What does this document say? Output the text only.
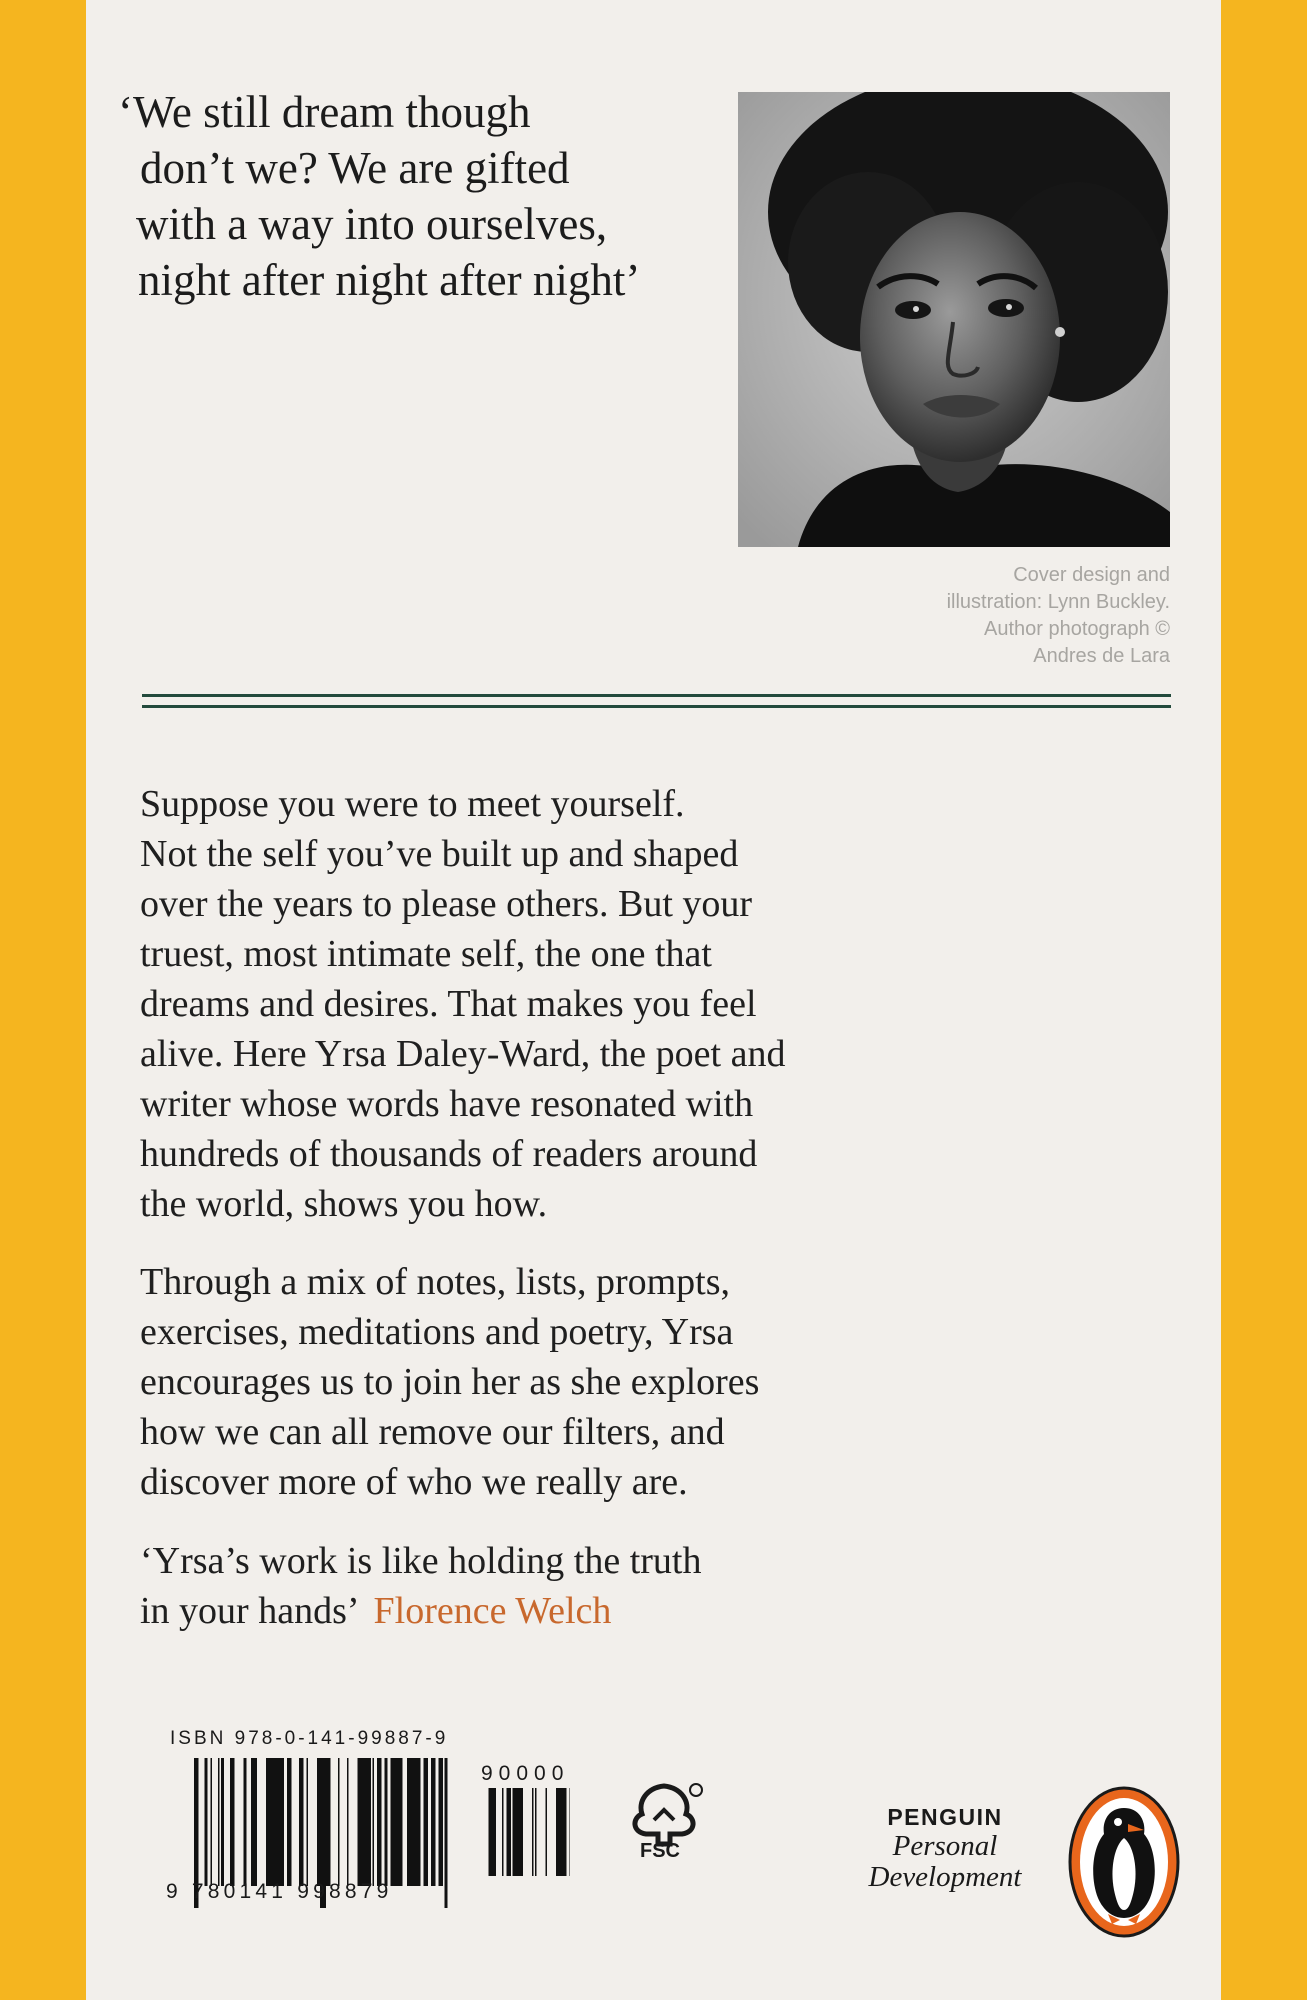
‘We still dream though
don’t we? We are gifted
with a way into ourselves,
night after night after night’
Cover design and
illustration: Lynn Buckley.
Author photograph ©
Andres de Lara
Suppose you were to meet yourself.
Not the self you’ve built up and shaped
over the years to please others. But your
truest, most intimate self, the one that
dreams and desires. That makes you feel
alive. Here Yrsa Daley-Ward, the poet and
writer whose words have resonated with
hundreds of thousands of readers around
the world, shows you how.
Through a mix of notes, lists, prompts,
exercises, meditations and poetry, Yrsa
encourages us to join her as she explores
how we can all remove our filters, and
discover more of who we really are.
‘Yrsa’s work is like holding the truth
in your hands’ Florence Welch
ISBN 978-0-141-99887-9
9 780141 998879
90000
FSC
PENGUIN
Personal
Development
